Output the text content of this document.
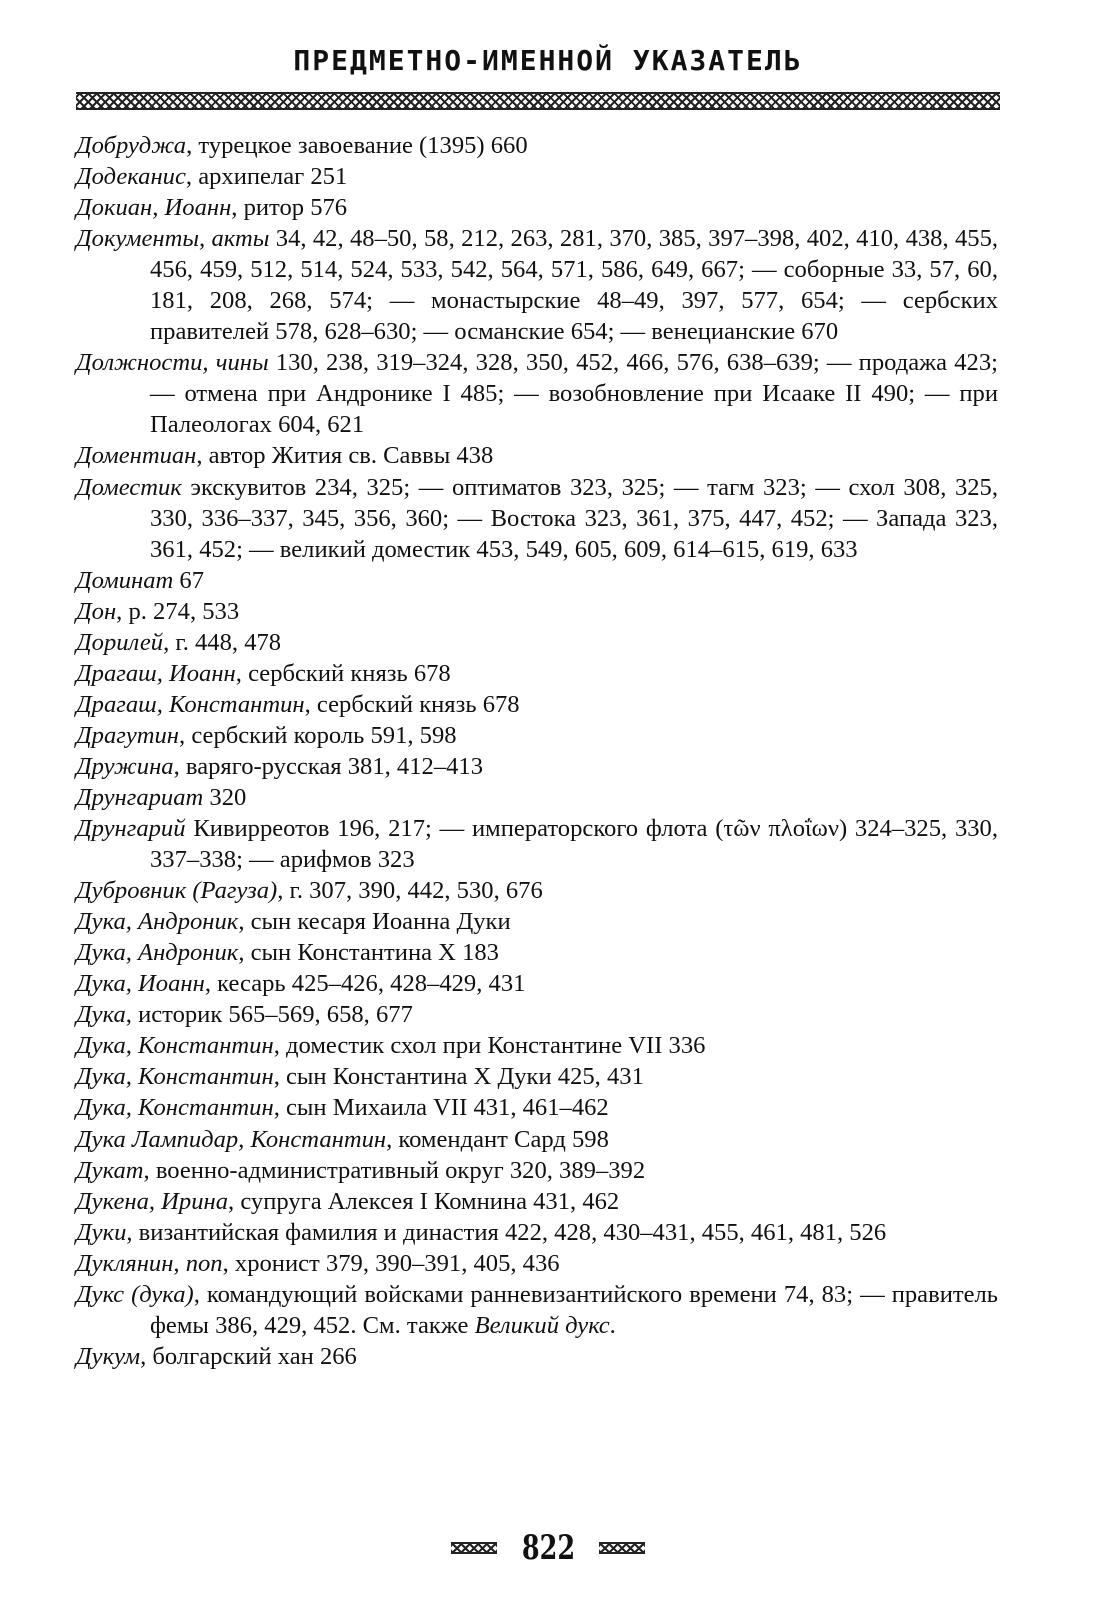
ПРЕДМЕТНО-ИМЕННОЙ УКАЗАТЕЛЬ
Добруджа, турецкое завоевание (1395) 660
Додеканис, архипелаг 251
Докиан, Иоанн, ритор 576
Документы, акты 34, 42, 48–50, 58, 212, 263, 281, 370, 385, 397–398, 402, 410, 438, 455, 456, 459, 512, 514, 524, 533, 542, 564, 571, 586, 649, 667; — соборные 33, 57, 60, 181, 208, 268, 574; — монастырские 48–49, 397, 577, 654; — сербских правителей 578, 628–630; — османские 654; — венецианские 670
Должности, чины 130, 238, 319–324, 328, 350, 452, 466, 576, 638–639; — продажа 423; — отмена при Андронике I 485; — возобновление при Исааке II 490; — при Палеологах 604, 621
Доментиан, автор Жития св. Саввы 438
Доместик экскувитов 234, 325; — оптиматов 323, 325; — тагм 323; — схол 308, 325, 330, 336–337, 345, 356, 360; — Востока 323, 361, 375, 447, 452; — Запада 323, 361, 452; — великий доместик 453, 549, 605, 609, 614–615, 619, 633
Доминат 67
Дон, р. 274, 533
Дорилей, г. 448, 478
Драгаш, Иоанн, сербский князь 678
Драгаш, Константин, сербский князь 678
Драгутин, сербский король 591, 598
Дружина, варяго-русская 381, 412–413
Друнгариат 320
Друнгарий Кивирреотов 196, 217; — императорского флота (τῶν πλοΐων) 324–325, 330, 337–338; — арифмов 323
Дубровник (Рагуза), г. 307, 390, 442, 530, 676
Дука, Андроник, сын кесаря Иоанна Дуки
Дука, Андроник, сын Константина X 183
Дука, Иоанн, кесарь 425–426, 428–429, 431
Дука, историк 565–569, 658, 677
Дука, Константин, доместик схол при Константине VII 336
Дука, Константин, сын Константина X Дуки 425, 431
Дука, Константин, сын Михаила VII 431, 461–462
Дука Лампидар, Константин, комендант Сард 598
Дукат, военно-административный округ 320, 389–392
Дукена, Ирина, супруга Алексея I Комнина 431, 462
Дуки, византийская фамилия и династия 422, 428, 430–431, 455, 461, 481, 526
Дуклянин, поп, хронист 379, 390–391, 405, 436
Дукс (дука), командующий войсками ранневизантийского времени 74, 83; — правитель фемы 386, 429, 452. См. также Великий дукс.
Дукум, болгарский хан 266
822
